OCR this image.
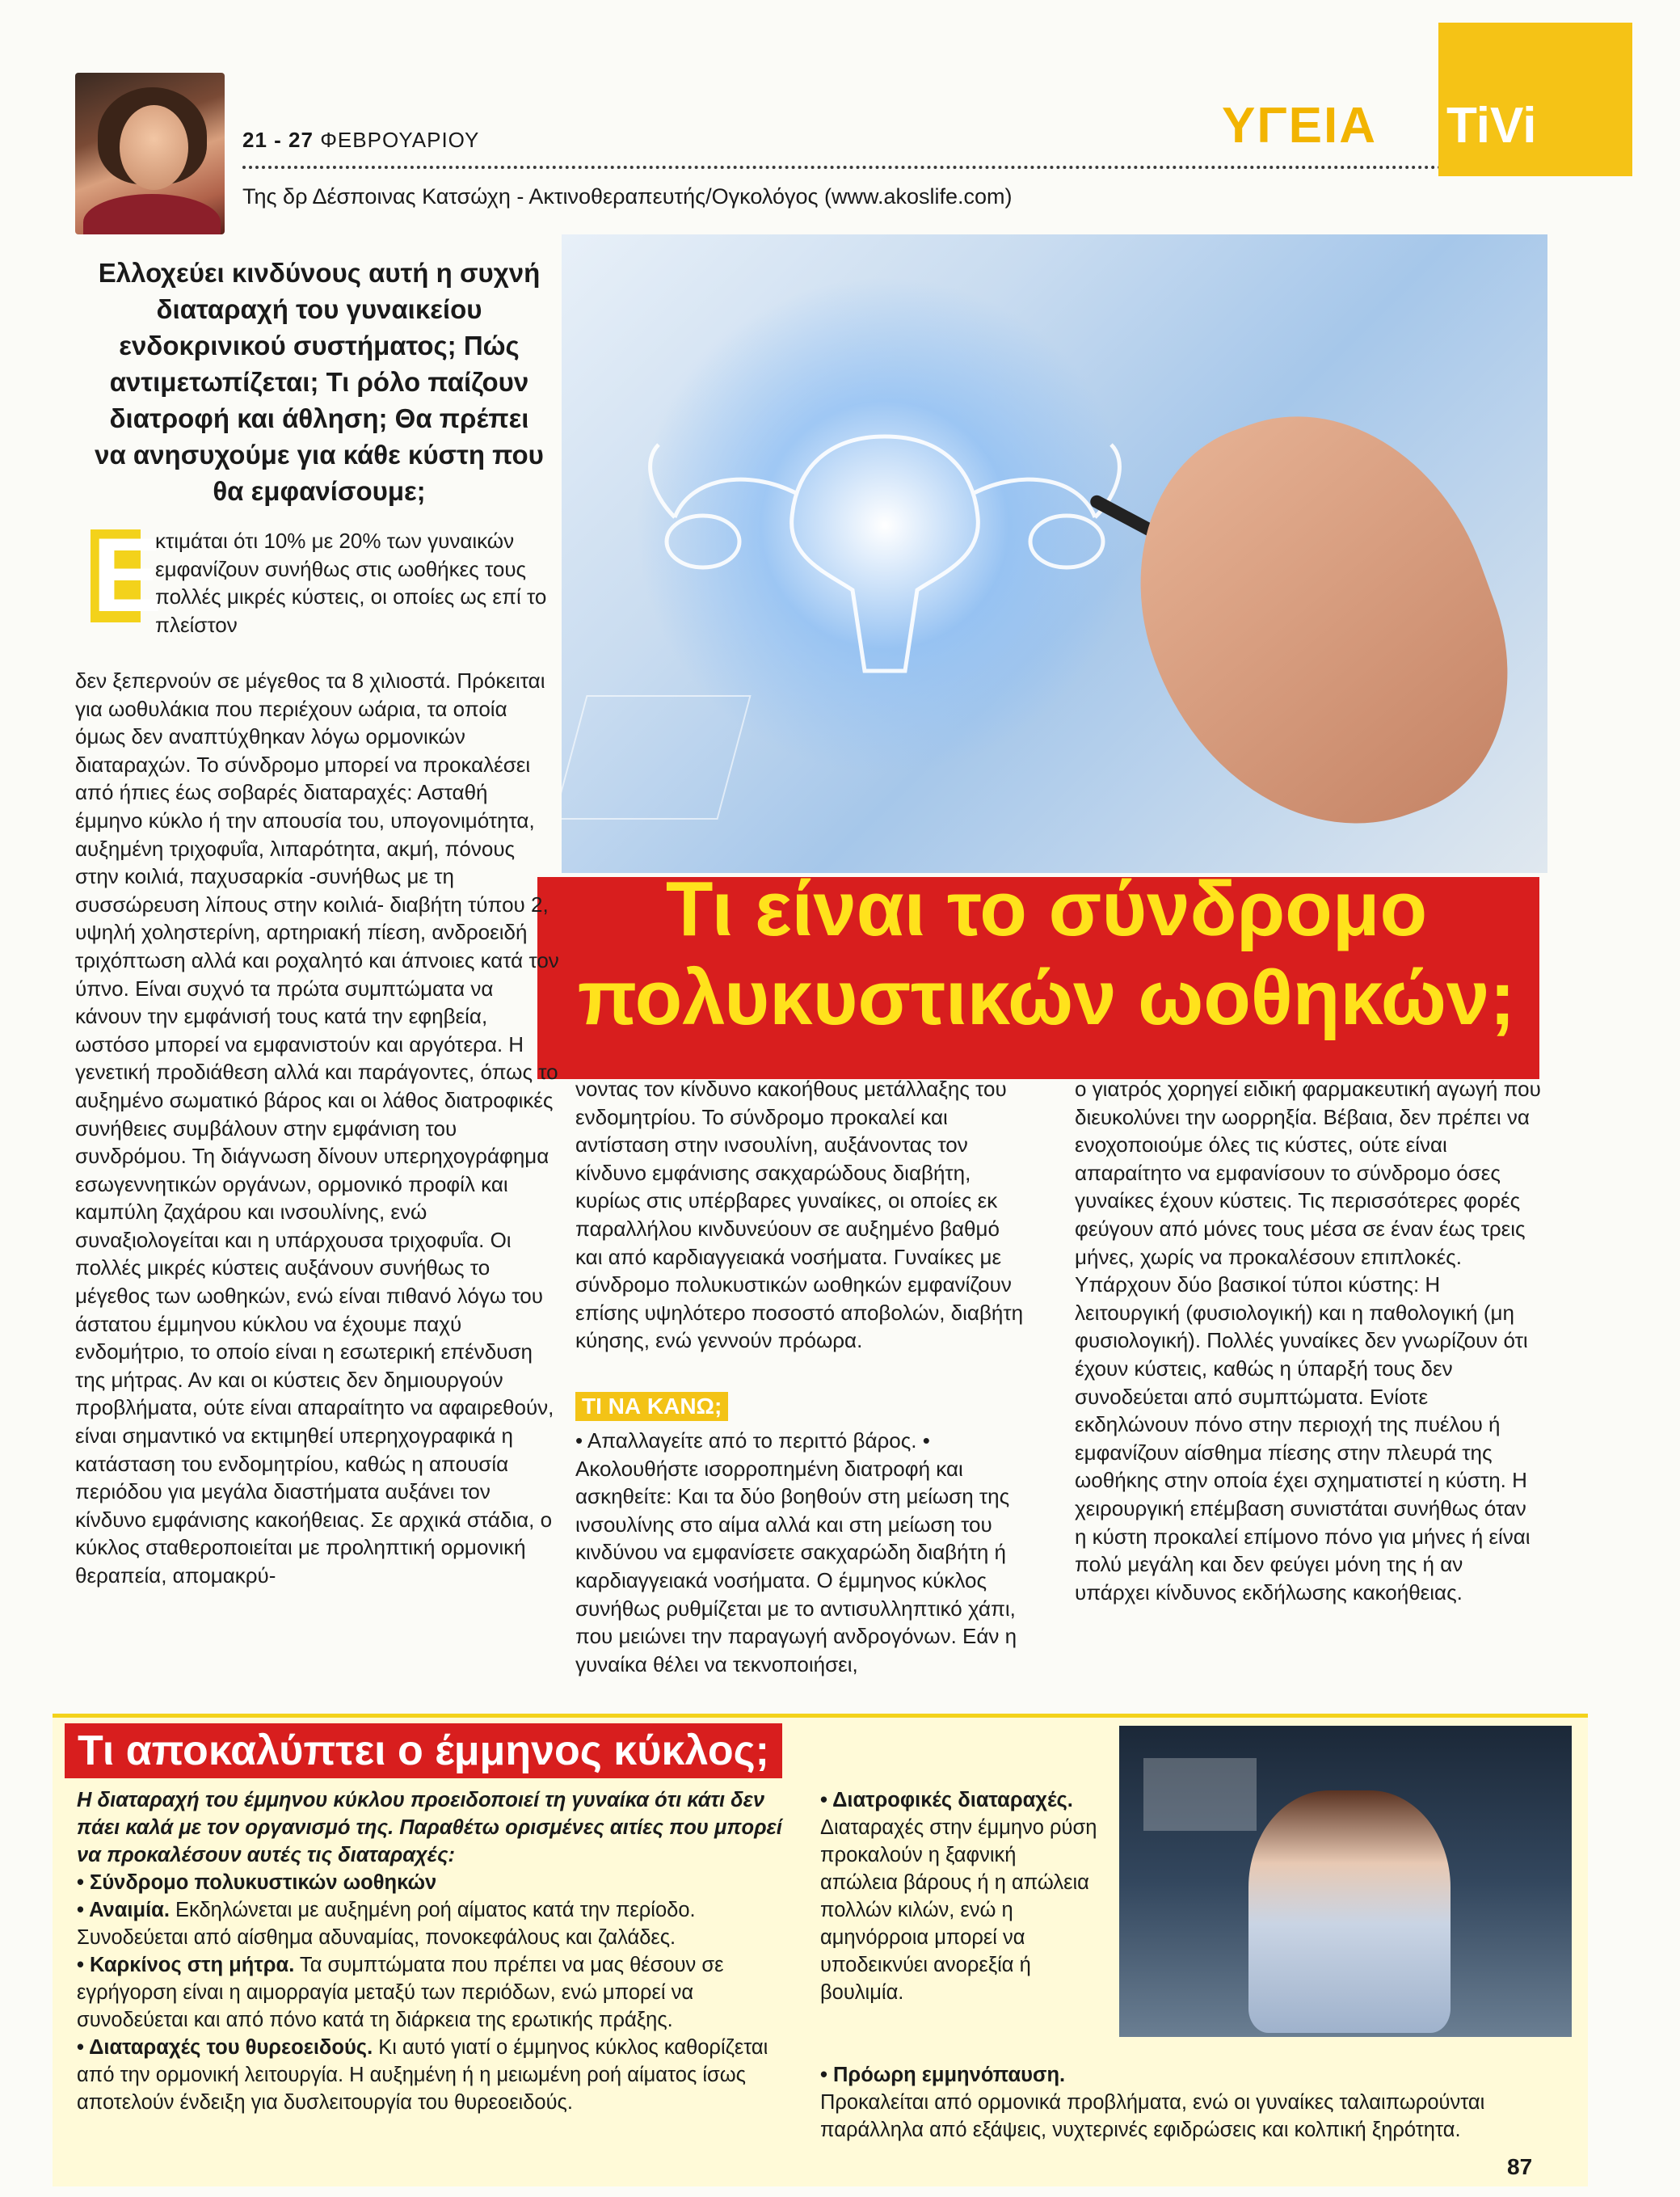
21 - 27 ΦΕΒΡΟΥΑΡΙΟΥ
Της δρ Δέσποινας Κατσώχη - Ακτινοθεραπευτής/Ογκολόγος (www.akoslife.com)
ΥΓΕΙΑ TiVi
Ελλοχεύει κινδύνους αυτή η συχνή διαταραχή του γυναικείου ενδοκρινικού συστήματος; Πώς αντιμετωπίζεται; Τι ρόλο παίζουν διατροφή και άθληση; Θα πρέπει να ανησυχούμε για κάθε κύστη που θα εμφανίσουμε;
Τι είναι το σύνδρομο πολυκυστικών ωοθηκών;
Ε
κτιμάται ότι 10% με 20% των γυναικών εμφανίζουν συνήθως στις ωοθήκες τους πολλές μικρές κύστεις, οι οποίες ως επί το πλείστον
δεν ξεπερνούν σε μέγεθος τα 8 χιλιοστά. Πρόκειται για ωοθυλάκια που περιέχουν ωάρια, τα οποία όμως δεν αναπτύχθηκαν λόγω ορμονικών διαταραχών. Το σύνδρομο μπορεί να προκαλέσει από ήπιες έως σοβαρές διαταραχές: Ασταθή έμμηνο κύκλο ή την απουσία του, υπογονιμότητα, αυξημένη τριχοφυΐα, λιπαρότητα, ακμή, πόνους στην κοιλιά, παχυσαρκία -συνήθως με τη συσσώρευση λίπους στην κοιλιά- διαβήτη τύπου 2, υψηλή χοληστερίνη, αρτηριακή πίεση, ανδροειδή τριχόπτωση αλλά και ροχαλητό και άπνοιες κατά τον ύπνο. Είναι συχνό τα πρώτα συμπτώματα να κάνουν την εμφάνισή τους κατά την εφηβεία, ωστόσο μπορεί να εμφανιστούν και αργότερα. Η γενετική προδιάθεση αλλά και παράγοντες, όπως το αυξημένο σωματικό βάρος και οι λάθος διατροφικές συνήθειες συμβάλουν στην εμφάνιση του συνδρόμου. Τη διάγνωση δίνουν υπερηχογράφημα εσωγεννητικών οργάνων, ορμονικό προφίλ και καμπύλη ζαχάρου και ινσουλίνης, ενώ συναξιολογείται και η υπάρχουσα τριχοφυΐα. Οι πολλές μικρές κύστεις αυξάνουν συνήθως το μέγεθος των ωοθηκών, ενώ είναι πιθανό λόγω του άστατου έμμηνου κύκλου να έχουμε παχύ ενδομήτριο, το οποίο είναι η εσωτερική επένδυση της μήτρας. Αν και οι κύστεις δεν δημιουργούν προβλήματα, ούτε είναι απαραίτητο να αφαιρεθούν, είναι σημαντικό να εκτιμηθεί υπερηχογραφικά η κατάσταση του ενδομητρίου, καθώς η απουσία περιόδου για μεγάλα διαστήματα αυξάνει τον κίνδυνο εμφάνισης κακοήθειας. Σε αρχικά στάδια, ο κύκλος σταθεροποιείται με προληπτική ορμονική θεραπεία, απομακρύ-
νοντας τον κίνδυνο κακοήθους μετάλλαξης του ενδομητρίου. Το σύνδρομο προκαλεί και αντίσταση στην ινσουλίνη, αυξάνοντας τον κίνδυνο εμφάνισης σακχαρώδους διαβήτη, κυρίως στις υπέρβαρες γυναίκες, οι οποίες εκ παραλλήλου κινδυνεύουν σε αυξημένο βαθμό και από καρδιαγγειακά νοσήματα. Γυναίκες με σύνδρομο πολυκυστικών ωοθηκών εμφανίζουν επίσης υψηλότερο ποσοστό αποβολών, διαβήτη κύησης, ενώ γεννούν πρόωρα.
ΤΙ ΝΑ ΚΑΝΩ;
• Απαλλαγείτε από το περιττό βάρος. • Ακολουθήστε ισορροπημένη διατροφή και ασκηθείτε: Και τα δύο βοηθούν στη μείωση της ινσουλίνης στο αίμα αλλά και στη μείωση του κινδύνου να εμφανίσετε σακχαρώδη διαβήτη ή καρδιαγγειακά νοσήματα. Ο έμμηνος κύκλος συνήθως ρυθμίζεται με το αντισυλληπτικό χάπι, που μειώνει την παραγωγή ανδρογόνων. Εάν η γυναίκα θέλει να τεκνοποιήσει,
ο γιατρός χορηγεί ειδική φαρμακευτική αγωγή που διευκολύνει την ωορρηξία. Βέβαια, δεν πρέπει να ενοχοποιούμε όλες τις κύστες, ούτε είναι απαραίτητο να εμφανίσουν το σύνδρομο όσες γυναίκες έχουν κύστεις. Τις περισσότερες φορές φεύγουν από μόνες τους μέσα σε έναν έως τρεις μήνες, χωρίς να προκαλέσουν επιπλοκές. Υπάρχουν δύο βασικοί τύποι κύστης: Η λειτουργική (φυσιολογική) και η παθολογική (μη φυσιολογική). Πολλές γυναίκες δεν γνωρίζουν ότι έχουν κύστεις, καθώς η ύπαρξή τους δεν συνοδεύεται από συμπτώματα. Ενίοτε εκδηλώνουν πόνο στην περιοχή της πυέλου ή εμφανίζουν αίσθημα πίεσης στην πλευρά της ωοθήκης στην οποία έχει σχηματιστεί η κύστη. Η χειρουργική επέμβαση συνιστάται συνήθως όταν η κύστη προκαλεί επίμονο πόνο για μήνες ή είναι πολύ μεγάλη και δεν φεύγει μόνη της ή αν υπάρχει κίνδυνος εκδήλωσης κακοήθειας.
Τι αποκαλύπτει ο έμμηνος κύκλος;

Η διαταραχή του έμμηνου κύκλου προειδοποιεί τη γυναίκα ότι κάτι δεν πάει καλά με τον οργανισμό της. Παραθέτω ορισμένες αιτίες που μπορεί να προκαλέσουν αυτές τις διαταραχές:

• Σύνδρομο πολυκυστικών ωοθηκών

• Αναιμία. Εκδηλώνεται με αυξημένη ροή αίματος κατά την περίοδο. Συνοδεύεται από αίσθημα αδυναμίας, πονοκεφάλους και ζαλάδες.

• Καρκίνος στη μήτρα. Τα συμπτώματα που πρέπει να μας θέσουν σε εγρήγορση είναι η αιμορραγία μεταξύ των περιόδων, ενώ μπορεί να συνοδεύεται και από πόνο κατά τη διάρκεια της ερωτικής πράξης.

• Διαταραχές του θυρεοειδούς. Κι αυτό γιατί ο έμμηνος κύκλος καθορίζεται από την ορμονική λειτουργία. Η αυξημένη ή η μειωμένη ροή αίματος ίσως αποτελούν ένδειξη για δυσλειτουργία του θυρεοειδούς.

• Διατροφικές διαταραχές. Διαταραχές στην έμμηνο ρύση προκαλούν η ξαφνική απώλεια βάρους ή η απώλεια πολλών κιλών, ενώ η αμηνόρροια μπορεί να υποδεικνύει ανορεξία ή βουλιμία.

• Πρόωρη εμμηνόπαυση.

Προκαλείται από ορμονικά προβλήματα, ενώ οι γυναίκες ταλαιπωρούνται παράλληλα από εξάψεις, νυχτερινές εφιδρώσεις και κολπική ξηρότητα.

87
